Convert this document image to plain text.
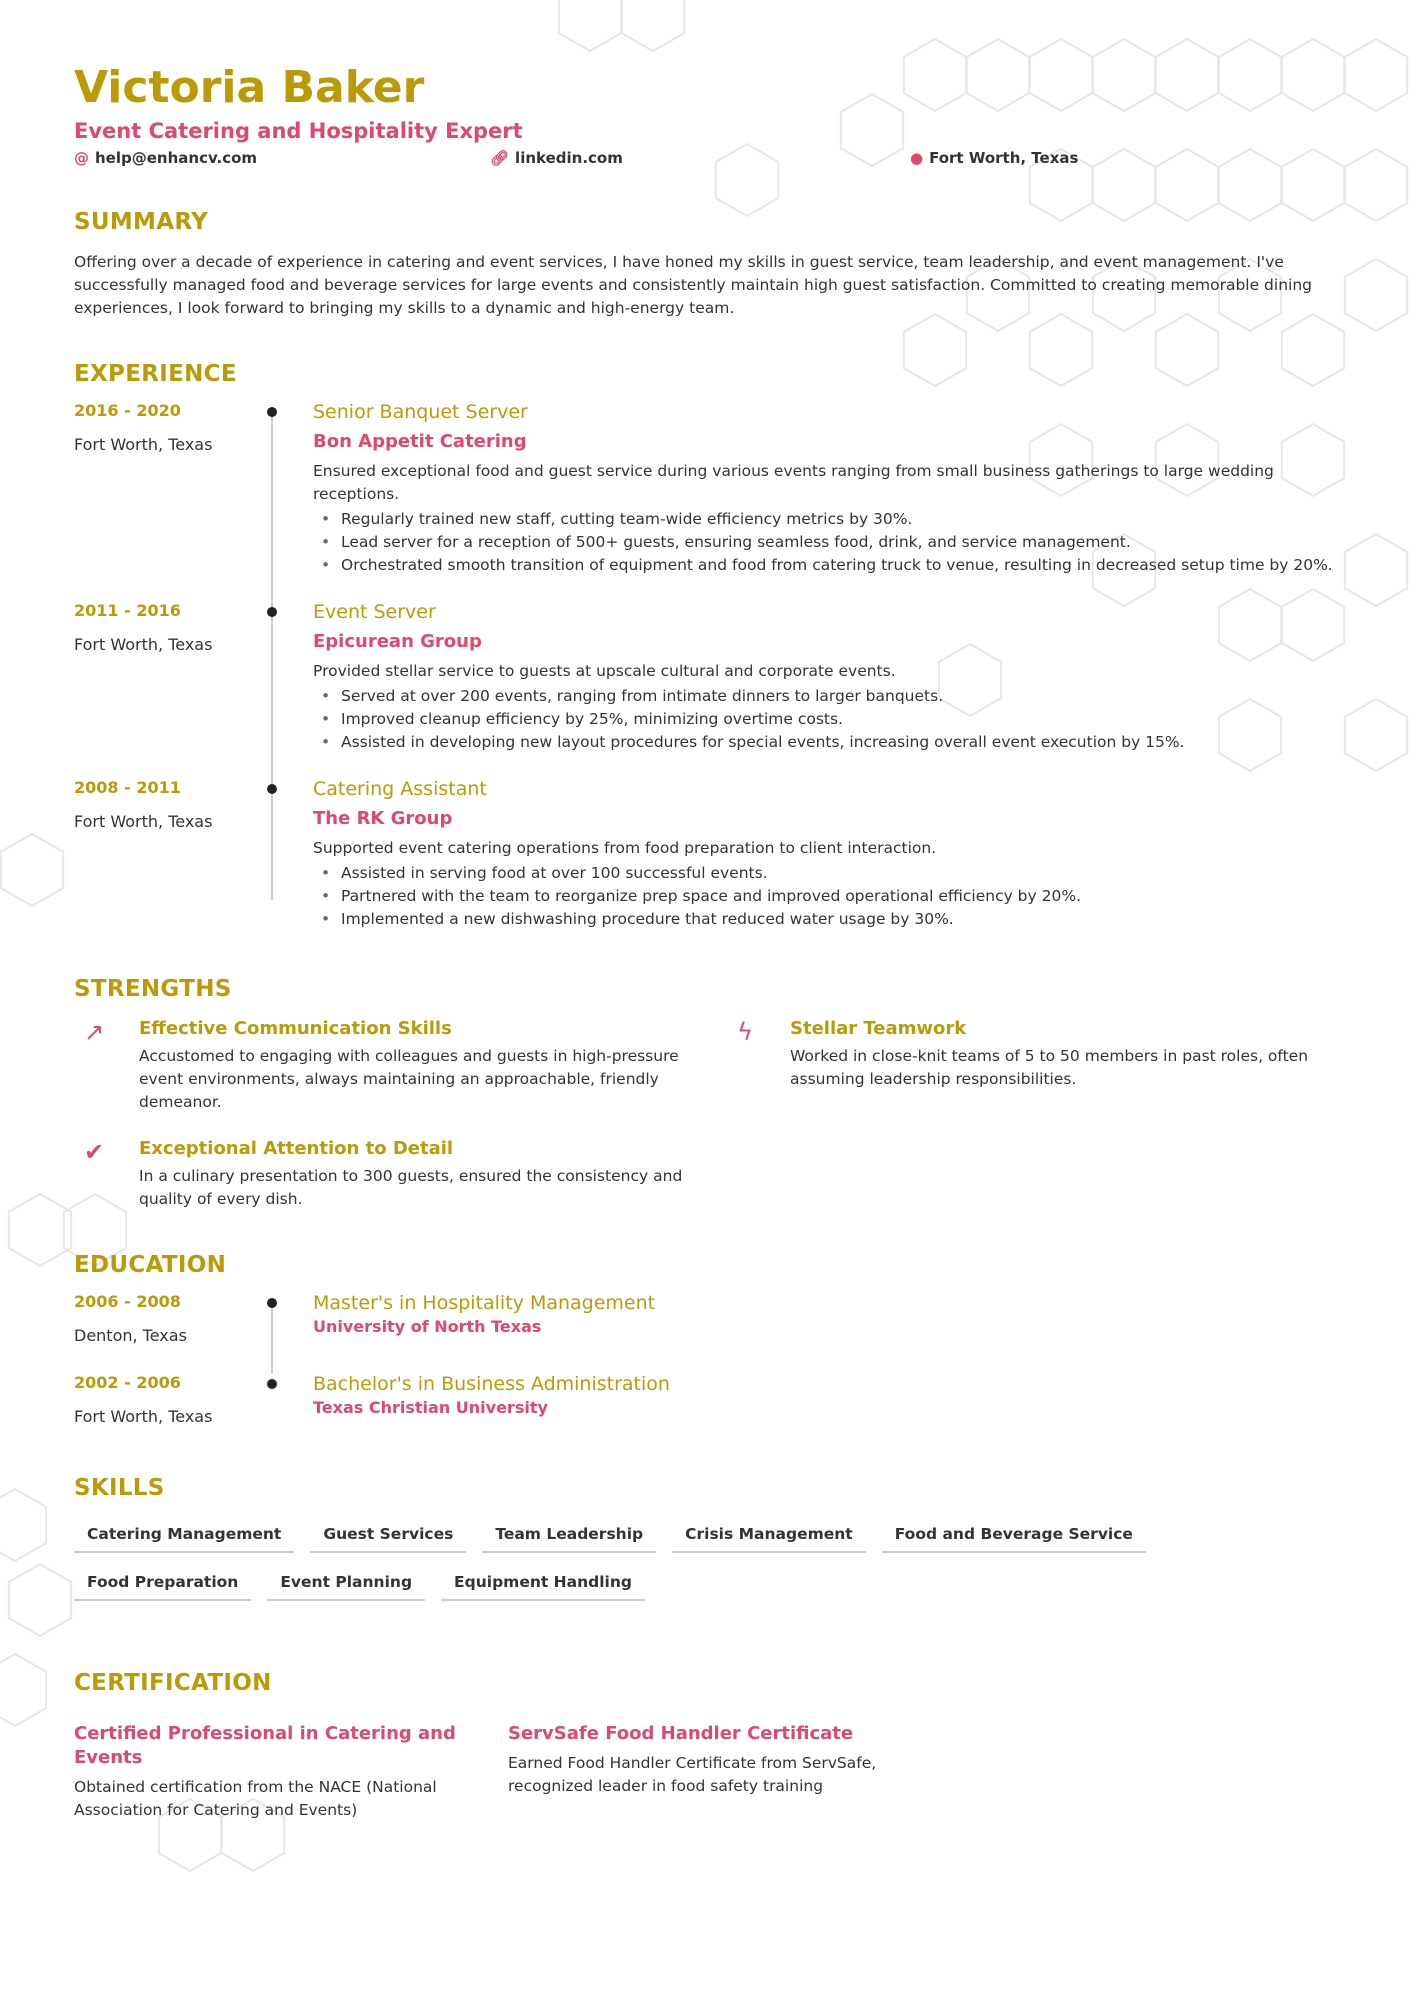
Victoria Baker
Event Catering and Hospitality Expert
@ help@enhancv.com	🔗︎ linkedin.com	● Fort Worth, Texas
SUMMARY
Offering over a decade of experience in catering and event services, I have honed my skills in guest service, team leadership, and event management. I've successfully managed food and beverage services for large events and consistently maintain high guest satisfaction. Committed to creating memorable dining experiences, I look forward to bringing my skills to a dynamic and high-energy team.
EXPERIENCE
2016 - 2020
Fort Worth, Texas
Senior Banquet Server
Bon Appetit Catering
Ensured exceptional food and guest service during various events ranging from small business gatherings to large wedding receptions.
• Regularly trained new staff, cutting team-wide efficiency metrics by 30%.
• Lead server for a reception of 500+ guests, ensuring seamless food, drink, and service management.
• Orchestrated smooth transition of equipment and food from catering truck to venue, resulting in decreased setup time by 20%.
2011 - 2016
Fort Worth, Texas
Event Server
Epicurean Group
Provided stellar service to guests at upscale cultural and corporate events.
• Served at over 200 events, ranging from intimate dinners to larger banquets.
• Improved cleanup efficiency by 25%, minimizing overtime costs.
• Assisted in developing new layout procedures for special events, increasing overall event execution by 15%.
2008 - 2011
Fort Worth, Texas
Catering Assistant
The RK Group
Supported event catering operations from food preparation to client interaction.
• Assisted in serving food at over 100 successful events.
• Partnered with the team to reorganize prep space and improved operational efficiency by 20%.
• Implemented a new dishwashing procedure that reduced water usage by 30%.
STRENGTHS
↗ Effective Communication Skills
Accustomed to engaging with colleagues and guests in high-pressure event environments, always maintaining an approachable, friendly demeanor.
ϟ	Stellar Teamwork
Worked in close-knit teams of 5 to 50 members in past roles, often assuming leadership responsibilities.
✔ Exceptional Attention to Detail
In a culinary presentation to 300 guests, ensured the consistency and quality of every dish.
EDUCATION
2006 - 2008
Denton, Texas
Master's in Hospitality Management
University of North Texas
2002 - 2006
Fort Worth, Texas
Bachelor's in Business Administration
Texas Christian University
SKILLS
Catering Management	Guest Services	Team Leadership	Crisis Management	Food and Beverage Service
Food Preparation	Event Planning	Equipment Handling
CERTIFICATION
Certified Professional in Catering and Events
Obtained certification from the NACE (National Association for Catering and Events)
ServSafe Food Handler Certificate
Earned Food Handler Certificate from ServSafe, recognized leader in food safety training
